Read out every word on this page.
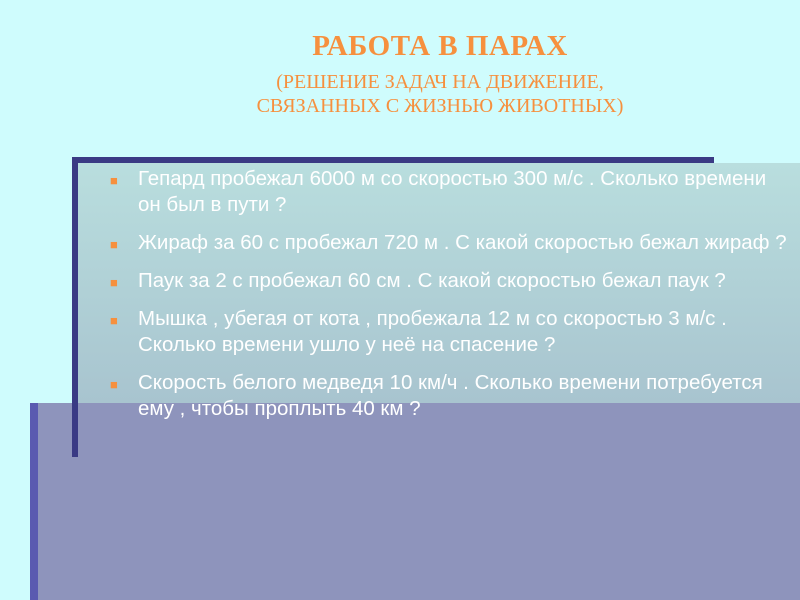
РАБОТА В ПАРАХ
(РЕШЕНИЕ ЗАДАЧ НА ДВИЖЕНИЕ,
СВЯЗАННЫХ С ЖИЗНЬЮ ЖИВОТНЫХ)
■ Гепард пробежал 6000 м со скоростью 300 м/с . Сколько времени он был в пути ?
■ Жираф за 60 с пробежал 720 м . С какой скоростью бежал жираф ?
■ Паук за 2 с пробежал 60 см . С какой скоростью бежал паук ?
■ Мышка , убегая от кота , пробежала 12 м со скоростью 3 м/с . Сколько времени ушло у неё на спасение ?
■ Скорость белого медведя 10 км/ч . Сколько времени потребуется ему , чтобы проплыть 40 км ?
